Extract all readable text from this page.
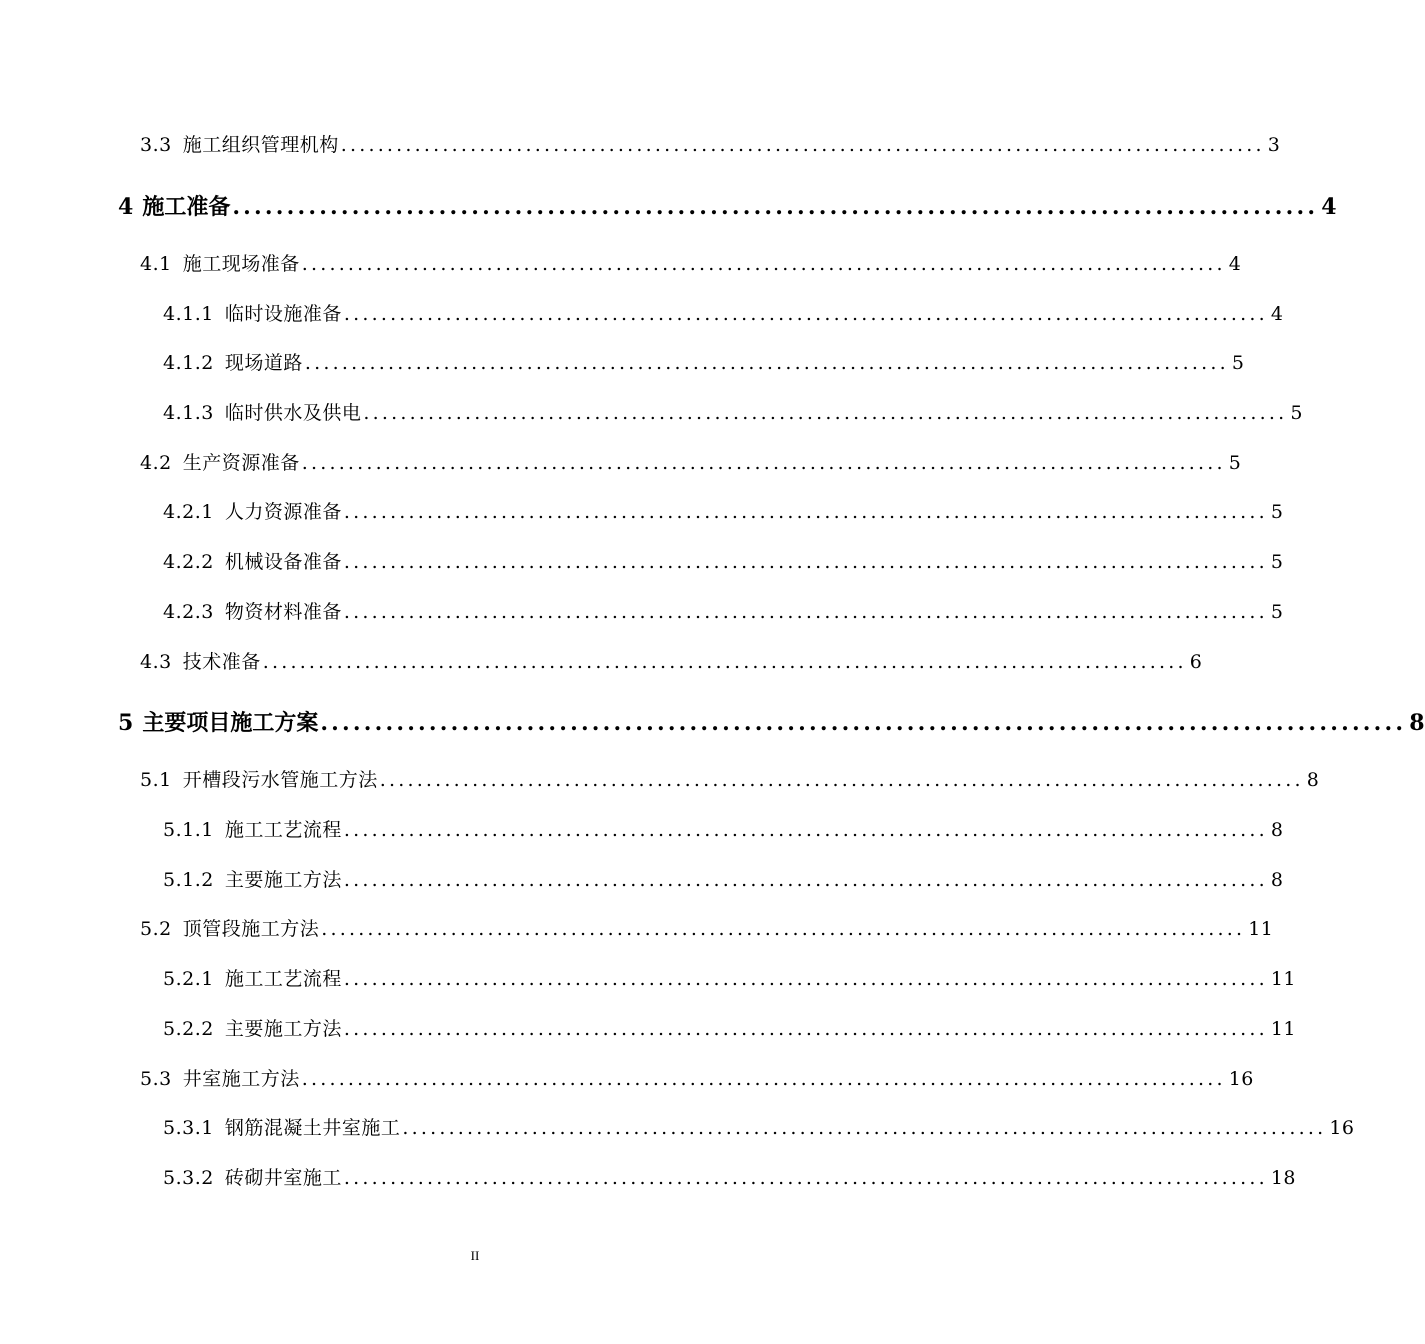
3.3 施工组织管理机构 .................................................................................................... 3
4 施工准备 .................................................................................................... 4
4.1 施工现场准备 .................................................................................................... 4
4.1.1 临时设施准备 .................................................................................................... 4
4.1.2 现场道路 .................................................................................................... 5
4.1.3 临时供水及供电 .................................................................................................... 5
4.2 生产资源准备 .................................................................................................... 5
4.2.1 人力资源准备 .................................................................................................... 5
4.2.2 机械设备准备 .................................................................................................... 5
4.2.3 物资材料准备 .................................................................................................... 5
4.3 技术准备 .................................................................................................... 6
5 主要项目施工方案 .................................................................................................... 8
5.1 开槽段污水管施工方法 .................................................................................................... 8
5.1.1 施工工艺流程 .................................................................................................... 8
5.1.2 主要施工方法 .................................................................................................... 8
5.2 顶管段施工方法 .................................................................................................... 11
5.2.1 施工工艺流程 .................................................................................................... 11
5.2.2 主要施工方法 .................................................................................................... 11
5.3 井室施工方法 .................................................................................................... 16
5.3.1 钢筋混凝土井室施工 .................................................................................................... 16
5.3.2 砖砌井室施工 .................................................................................................... 18
II
